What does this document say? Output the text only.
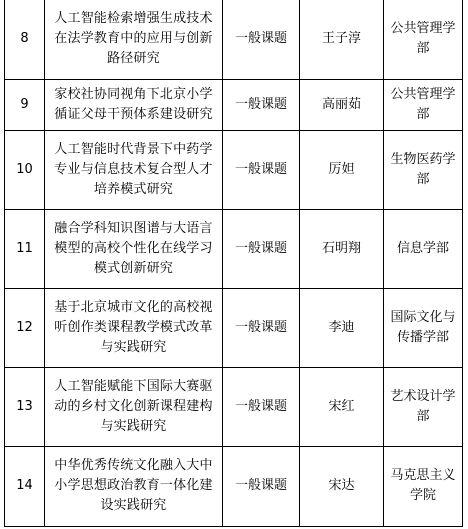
8	人工智能检索增强生成技术
在法学教育中的应用与创新
路径研究	一般课题	王子淳	公共管理学部
9	家校社协同视角下北京小学
循证父母干预体系建设研究	一般课题	高丽茹	公共管理学部
10	人工智能时代背景下中药学
专业与信息技术复合型人才
培养模式研究	一般课题	厉妲	生物医药学部
11	融合学科知识图谱与大语言
模型的高校个性化在线学习
模式创新研究	一般课题	石明翔	信息学部
12	基于北京城市文化的高校视
听创作类课程教学模式改革
与实践研究	一般课题	李迪	国际文化与传播学部
13	人工智能赋能下国际大赛驱
动的乡村文化创新课程建构
与实践研究	一般课题	宋红	艺术设计学部
14	中华优秀传统文化融入大中
小学思想政治教育一体化建
设实践研究	一般课题	宋达	马克思主义学院
